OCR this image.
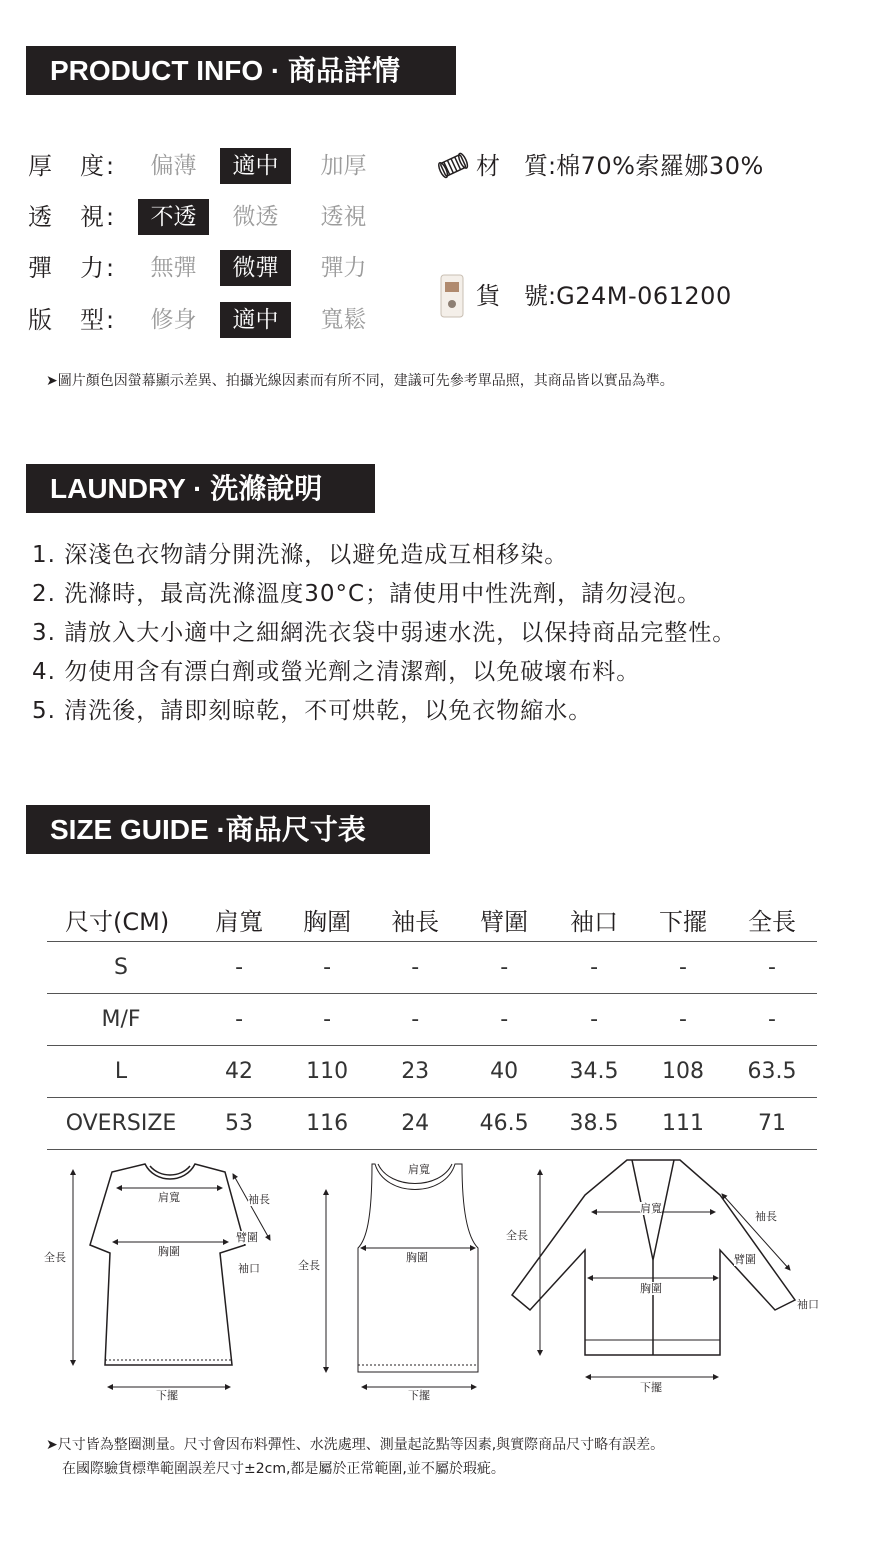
PRODUCT INFO · 商品詳情
厚　度:	偏薄	適中	加厚
透　視:	不透	微透	透視
彈　力:	無彈	微彈	彈力
版　型:	修身	適中	寬鬆
材　質:棉70%索羅娜30%
貨　號:G24M-061200
➤圖片顏色因螢幕顯示差異、拍攝光線因素而有所不同，建議可先參考單品照，其商品皆以實品為準。
LAUNDRY · 洗滌說明
1. 深淺色衣物請分開洗滌，以避免造成互相移染。
2. 洗滌時，最高洗滌溫度30°C；請使用中性洗劑，請勿浸泡。
3. 請放入大小適中之細網洗衣袋中弱速水洗，以保持商品完整性。
4. 勿使用含有漂白劑或螢光劑之清潔劑，以免破壞布料。
5. 清洗後，請即刻晾乾，不可烘乾，以免衣物縮水。
SIZE GUIDE ·商品尺寸表
尺寸(CM)	肩寬	胸圍	袖長	臂圍	袖口	下擺	全長
S	-	-	-	-	-	-	-
M/F	-	-	-	-	-	-	-
L	42	110	23	40	34.5	108	63.5
OVERSIZE	53	116	24	46.5	38.5	111	71
➤尺寸皆為整圈測量。尺寸會因布料彈性、水洗處理、測量起訖點等因素,與實際商品尺寸略有誤差。
在國際驗貨標準範圍誤差尺寸±2cm,都是屬於正常範圍,並不屬於瑕疵。
肩寬	袖長
臂圍
胸圍
袖口
全長
下擺
肩寬
胸圍
全長
下擺
肩寬
袖長
臂圍
胸圍
袖口
全長
下擺
